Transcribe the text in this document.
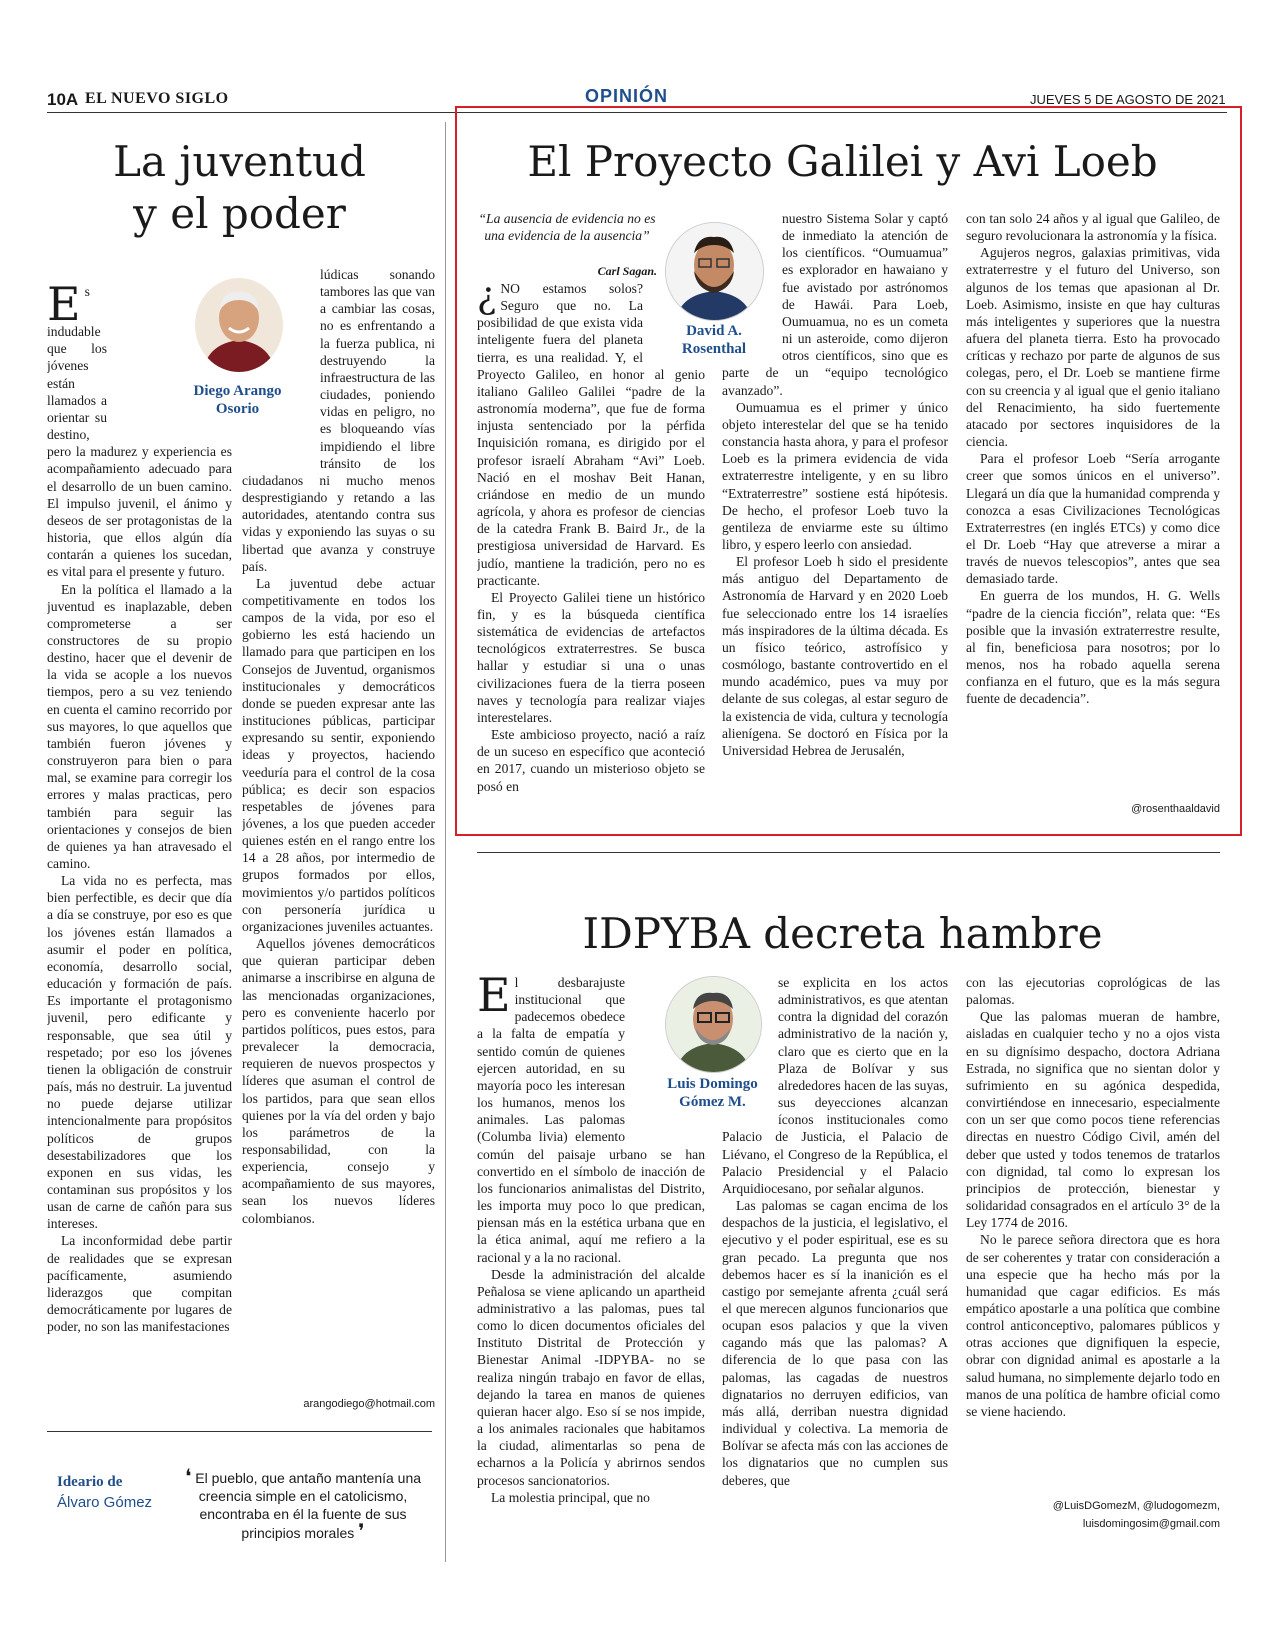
10A EL NUEVO SIGLO	OPINIÓN	JUEVES 5 DE AGOSTO DE 2021
La juventud
y el poder
Diego Arango
Osorio

Es indudable que los jóvenes están llamados a orientar su destino, pero la madurez y experiencia es acompañamiento adecuado para el desarrollo de un buen camino. El impulso juvenil, el ánimo y deseos de ser protagonistas de la historia, que ellos algún día contarán a quienes los sucedan, es vital para el presente y futuro.

En la política el llamado a la juventud es inaplazable, deben comprometerse a ser constructores de su propio destino, hacer que el devenir de la vida se acople a los nuevos tiempos, pero a su vez teniendo en cuenta el camino recorrido por sus mayores, lo que aquellos que también fueron jóvenes y construyeron para bien o para mal, se examine para corregir los errores y malas practicas, pero también para seguir las orientaciones y consejos de bien de quienes ya han atravesado el camino.

La vida no es perfecta, mas bien perfectible, es decir que día a día se construye, por eso es que los jóvenes están llamados a asumir el poder en política, economía, desarrollo social, educación y formación de país. Es importante el protagonismo juvenil, pero edificante y responsable, que sea útil y respetado; por eso los jóvenes tienen la obligación de construir país, más no destruir. La juventud no puede dejarse utilizar intencionalmente para propósitos políticos de grupos desestabilizadores que los exponen en sus vidas, les contaminan sus propósitos y los usan de carne de cañón para sus intereses.

La inconformidad debe partir de realidades que se expresan pacíficamente, asumiendo liderazgos que compitan democráticamente por lugares de poder, no son las manifestaciones

lúdicas sonando tambores las que van a cambiar las cosas, no es enfrentando a la fuerza publica, ni destruyendo la infraestructura de las ciudades, poniendo vidas en peligro, no es bloqueando vías impidiendo el libre tránsito de los ciudadanos ni mucho menos desprestigiando y retando a las autoridades, atentando contra sus vidas y exponiendo las suyas o su libertad que avanza y construye país.

La juventud debe actuar competitivamente en todos los campos de la vida, por eso el gobierno les está haciendo un llamado para que participen en los Consejos de Juventud, organismos institucionales y democráticos donde se pueden expresar ante las instituciones públicas, participar expresando su sentir, exponiendo ideas y proyectos, haciendo veeduría para el control de la cosa pública; es decir son espacios respetables de jóvenes para jóvenes, a los que pueden acceder quienes estén en el rango entre los 14 a 28 años, por intermedio de grupos formados por ellos, movimientos y/o partidos políticos con personería jurídica u organizaciones juveniles actuantes.

Aquellos jóvenes democráticos que quieran participar deben animarse a inscribirse en alguna de las mencionadas organizaciones, pero es conveniente hacerlo por partidos políticos, pues estos, para prevalecer la democracia, requieren de nuevos prospectos y líderes que asuman el control de los partidos, para que sean ellos quienes por la vía del orden y bajo los parámetros de la responsabilidad, con la experiencia, consejo y acompañamiento de sus mayores, sean los nuevos líderes colombianos.

arangodiego@hotmail.com
Ideario de
Álvaro Gómez
❛ El pueblo, que antaño mantenía una creencia simple en el catolicismo, encontraba en él la fuente de sus principios morales ❜
El Proyecto Galilei y Avi Loeb
David A.
Rosenthal
“La ausencia de evidencia no es una evidencia de la ausencia”
Carl Sagan.

¿ NO estamos solos? Seguro que no. La posibilidad de que exista vida inteligente fuera del planeta tierra, es una realidad. Y, el Proyecto Galileo, en honor al genio italiano Galileo Galilei “padre de la astronomía moderna”, que fue de forma injusta sentenciado por la pérfida Inquisición romana, es dirigido por el profesor israelí Abraham “Avi” Loeb. Nació en el moshav Beit Hanan, criándose en medio de un mundo agrícola, y ahora es profesor de ciencias de la catedra Frank B. Baird Jr., de la prestigiosa universidad de Harvard. Es judío, mantiene la tradición, pero no es practicante.

El Proyecto Galilei tiene un histórico fin, y es la búsqueda científica sistemática de evidencias de artefactos tecnológicos extraterrestres. Se busca hallar y estudiar si una o unas civilizaciones fuera de la tierra poseen naves y tecnología para realizar viajes interestelares.

Este ambicioso proyecto, nació a raíz de un suceso en específico que aconteció en 2017, cuando un misterioso objeto se posó en

nuestro Sistema Solar y captó de inmediato la atención de los científicos. “Oumuamua” es explorador en hawaiano y fue avistado por astrónomos de Hawái. Para Loeb, Oumuamua, no es un cometa ni un asteroide, como dijeron otros científicos, sino que es parte de un “equipo tecnológico avanzado”.

Oumuamua es el primer y único objeto interestelar del que se ha tenido constancia hasta ahora, y para el profesor Loeb es la primera evidencia de vida extraterrestre inteligente, y en su libro “Extraterrestre” sostiene está hipótesis. De hecho, el profesor Loeb tuvo la gentileza de enviarme este su último libro, y espero leerlo con ansiedad.

El profesor Loeb h sido el presidente más antiguo del Departamento de Astronomía de Harvard y en 2020 Loeb fue seleccionado entre los 14 israelíes más inspiradores de la última década. Es un físico teórico, astrofísico y cosmólogo, bastante controvertido en el mundo académico, pues va muy por delante de sus colegas, al estar seguro de la existencia de vida, cultura y tecnología alienígena. Se doctoró en Física por la Universidad Hebrea de Jerusalén,

con tan solo 24 años y al igual que Galileo, de seguro revolucionara la astronomía y la física.

Agujeros negros, galaxias primitivas, vida extraterrestre y el futuro del Universo, son algunos de los temas que apasionan al Dr. Loeb. Asimismo, insiste en que hay culturas más inteligentes y superiores que la nuestra afuera del planeta tierra. Esto ha provocado críticas y rechazo por parte de algunos de sus colegas, pero, el Dr. Loeb se mantiene firme con su creencia y al igual que el genio italiano del Renacimiento, ha sido fuertemente atacado por sectores inquisidores de la ciencia.

Para el profesor Loeb “Sería arrogante creer que somos únicos en el universo”. Llegará un día que la humanidad comprenda y conozca a esas Civilizaciones Tecnológicas Extraterrestres (en inglés ETCs) y como dice el Dr. Loeb “Hay que atreverse a mirar a través de nuevos telescopios”, antes que sea demasiado tarde.

En guerra de los mundos, H. G. Wells “padre de la ciencia ficción”, relata que: “Es posible que la invasión extraterrestre resulte, al fin, beneficiosa para nosotros; por lo menos, nos ha robado aquella serena confianza en el futuro, que es la más segura fuente de decadencia”.

@rosenthaaldavid
IDPYBA decreta hambre
Luis Domingo
Gómez M.

El desbarajuste institucional que padecemos obedece a la falta de empatía y sentido común de quienes ejercen autoridad, en su mayoría poco les interesan los humanos, menos los animales. Las palomas (Columba livia) elemento común del paisaje urbano se han convertido en el símbolo de inacción de los funcionarios animalistas del Distrito, les importa muy poco lo que predican, piensan más en la estética urbana que en la ética animal, aquí me refiero a la racional y a la no racional.

Desde la administración del alcalde Peñalosa se viene aplicando un apartheid administrativo a las palomas, pues tal como lo dicen documentos oficiales del Instituto Distrital de Protección y Bienestar Animal -IDPYBA- no se realiza ningún trabajo en favor de ellas, dejando la tarea en manos de quienes quieran hacer algo. Eso sí se nos impide, a los animales racionales que habitamos la ciudad, alimentarlas so pena de echarnos a la Policía y abrirnos sendos procesos sancionatorios.

La molestia principal, que no

se explicita en los actos administrativos, es que atentan contra la dignidad del corazón administrativo de la nación y, claro que es cierto que en la Plaza de Bolívar y sus alrededores hacen de las suyas, sus deyecciones alcanzan íconos institucionales como Palacio de Justicia, el Palacio de Liévano, el Congreso de la República, el Palacio Presidencial y el Palacio Arquidiocesano, por señalar algunos.

Las palomas se cagan encima de los despachos de la justicia, el legislativo, el ejecutivo y el poder espiritual, ese es su gran pecado. La pregunta que nos debemos hacer es sí la inanición es el castigo por semejante afrenta ¿cuál será el que merecen algunos funcionarios que ocupan esos palacios y que la viven cagando más que las palomas? A diferencia de lo que pasa con las palomas, las cagadas de nuestros dignatarios no derruyen edificios, van más allá, derriban nuestra dignidad individual y colectiva. La memoria de Bolívar se afecta más con las acciones de los dignatarios que no cumplen sus deberes, que

con las ejecutorias coprológicas de las palomas.

Que las palomas mueran de hambre, aisladas en cualquier techo y no a ojos vista en su dignísimo despacho, doctora Adriana Estrada, no significa que no sientan dolor y sufrimiento en su agónica despedida, convirtiéndose en innecesario, especialmente con un ser que como pocos tiene referencias directas en nuestro Código Civil, amén del deber que usted y todos tenemos de tratarlos con dignidad, tal como lo expresan los principios de protección, bienestar y solidaridad consagrados en el artículo 3° de la Ley 1774 de 2016.

No le parece señora directora que es hora de ser coherentes y tratar con consideración a una especie que ha hecho más por la humanidad que cagar edificios. Es más empático apostarle a una política que combine control anticonceptivo, palomares públicos y otras acciones que dignifiquen la especie, obrar con dignidad animal es apostarle a la salud humana, no simplemente dejarlo todo en manos de una política de hambre oficial como se viene haciendo.

@LuisDGomezM, @ludogomezm,
luisdomingosim@gmail.com
